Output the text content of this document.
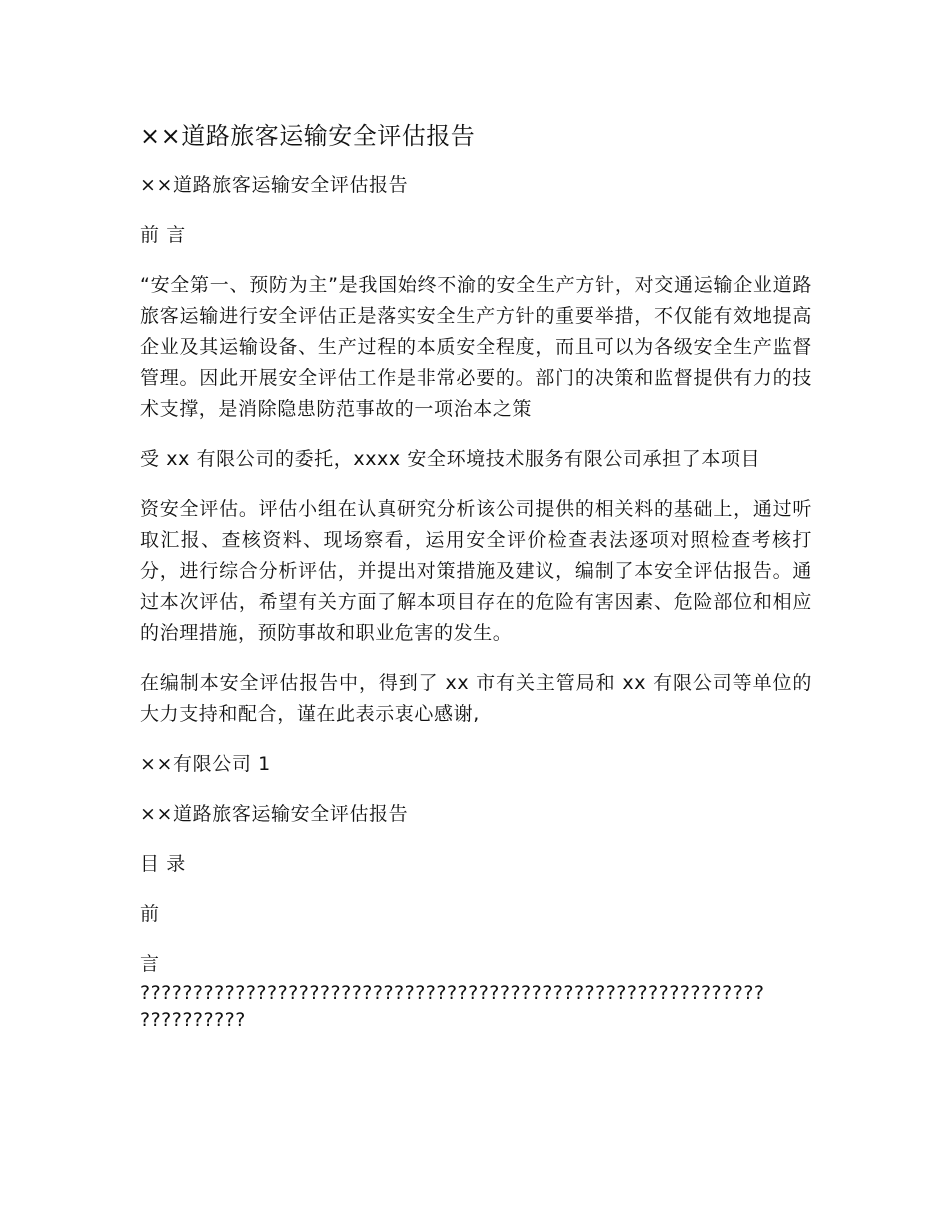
××道路旅客运输安全评估报告

××道路旅客运输安全评估报告

前 言

“安全第一、预防为主”是我国始终不渝的安全生产方针，对交通运输企业道路旅客运输进行安全评估正是落实安全生产方针的重要举措，不仅能有效地提高企业及其运输设备、生产过程的本质安全程度，而且可以为各级安全生产监督管理。因此开展安全评估工作是非常必要的。部门的决策和监督提供有力的技术支撑，是消除隐患防范事故的一项治本之策

受 xx 有限公司的委托，xxxx 安全环境技术服务有限公司承担了本项目

资安全评估。评估小组在认真研究分析该公司提供的相关料的基础上，通过听取汇报、查核资料、现场察看，运用安全评价检查表法逐项对照检查考核打分，进行综合分析评估，并提出对策措施及建议，编制了本安全评估报告。通过本次评估，希望有关方面了解本项目存在的危险有害因素、危险部位和相应的治理措施，预防事故和职业危害的发生。

在编制本安全评估报告中，得到了 xx 市有关主管局和 xx 有限公司等单位的大力支持和配合，谨在此表示衷心感谢,

××有限公司 1

××道路旅客运输安全评估报告

目 录

前

言

???????????????????????????????????????????????????????????

??????????
